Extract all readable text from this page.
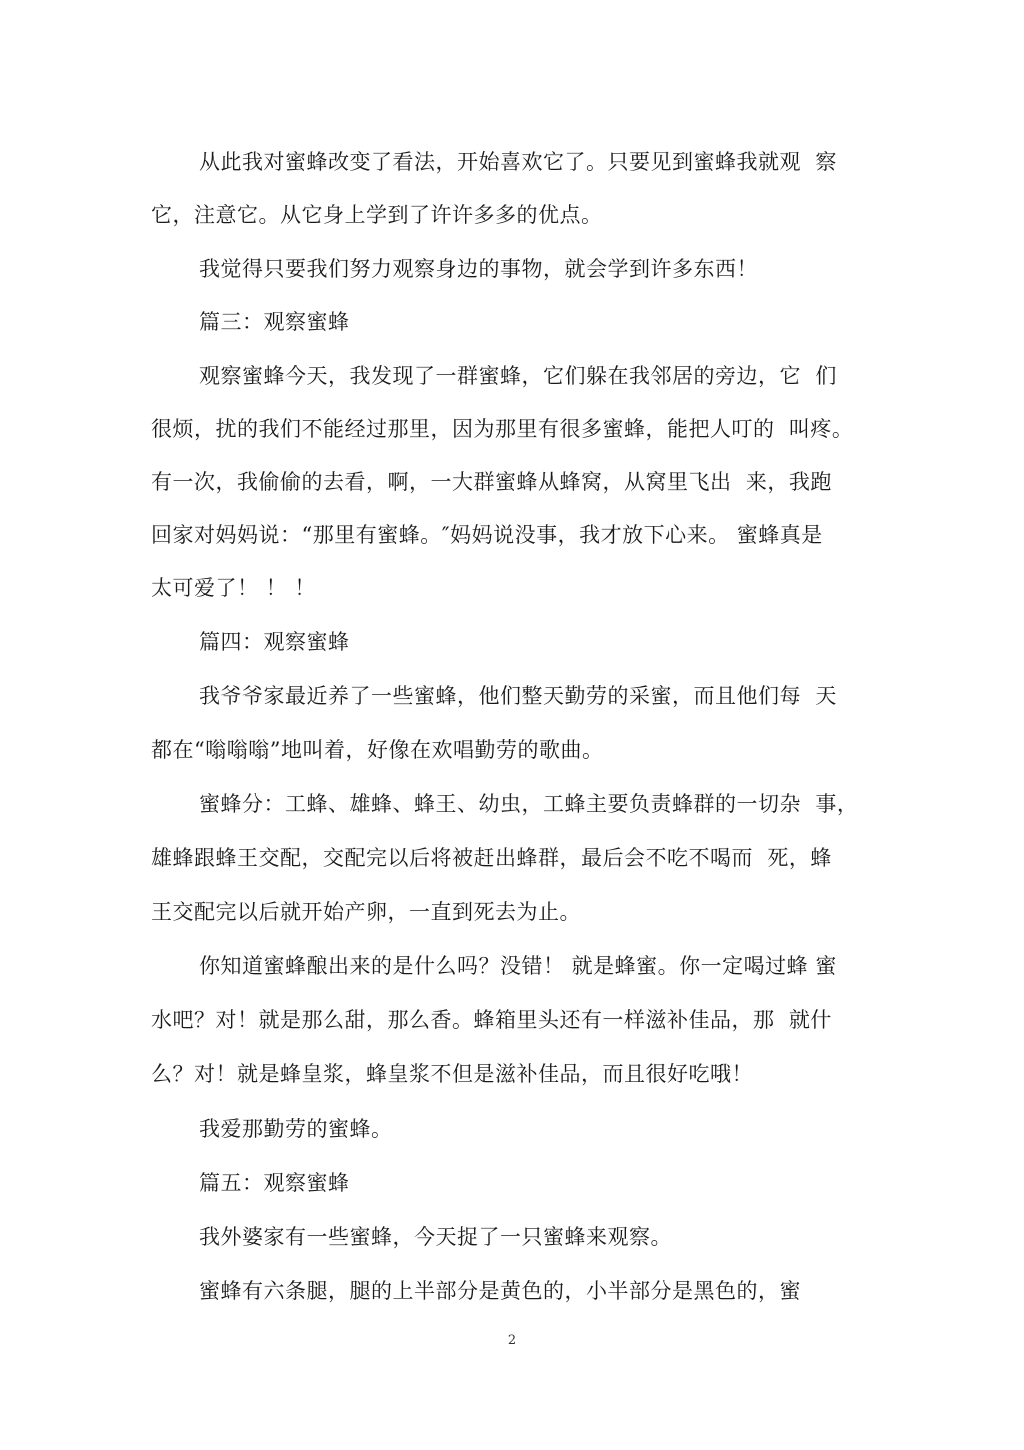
从此我对蜜蜂改变了看法，开始喜欢它了。只要见到蜜蜂我就观  察
它，注意它。从它身上学到了许许多多的优点。
我觉得只要我们努力观察身边的事物，就会学到许多东西！
篇三：观察蜜蜂
观察蜜蜂今天，我发现了一群蜜蜂，它们躲在我邻居的旁边，它  们
很烦，扰的我们不能经过那里，因为那里有很多蜜蜂，能把人叮的  叫疼。
有一次，我偷偷的去看，啊，一大群蜜蜂从蜂窝，从窝里飞出  来，我跑
回家对妈妈说：“那里有蜜蜂。″妈妈说没事，我才放下心来。 蜜蜂真是
太可爱了！ ！ ！
篇四：观察蜜蜂
我爷爷家最近养了一些蜜蜂，他们整天勤劳的采蜜，而且他们每  天
都在“嗡嗡嗡”地叫着，好像在欢唱勤劳的歌曲。
蜜蜂分：工蜂、雄蜂、蜂王、幼虫，工蜂主要负责蜂群的一切杂  事，
雄蜂跟蜂王交配，交配完以后将被赶出蜂群，最后会不吃不喝而  死，蜂
王交配完以后就开始产卵，一直到死去为止。
你知道蜜蜂酿出来的是什么吗？没错！ 就是蜂蜜。你一定喝过蜂 蜜
水吧？对！就是那么甜，那么香。蜂箱里头还有一样滋补佳品，那  就什
么？对！就是蜂皇浆，蜂皇浆不但是滋补佳品，而且很好吃哦！
我爱那勤劳的蜜蜂。
篇五：观察蜜蜂
我外婆家有一些蜜蜂，今天捉了一只蜜蜂来观察。
蜜蜂有六条腿，腿的上半部分是黄色的，小半部分是黑色的，蜜
2
